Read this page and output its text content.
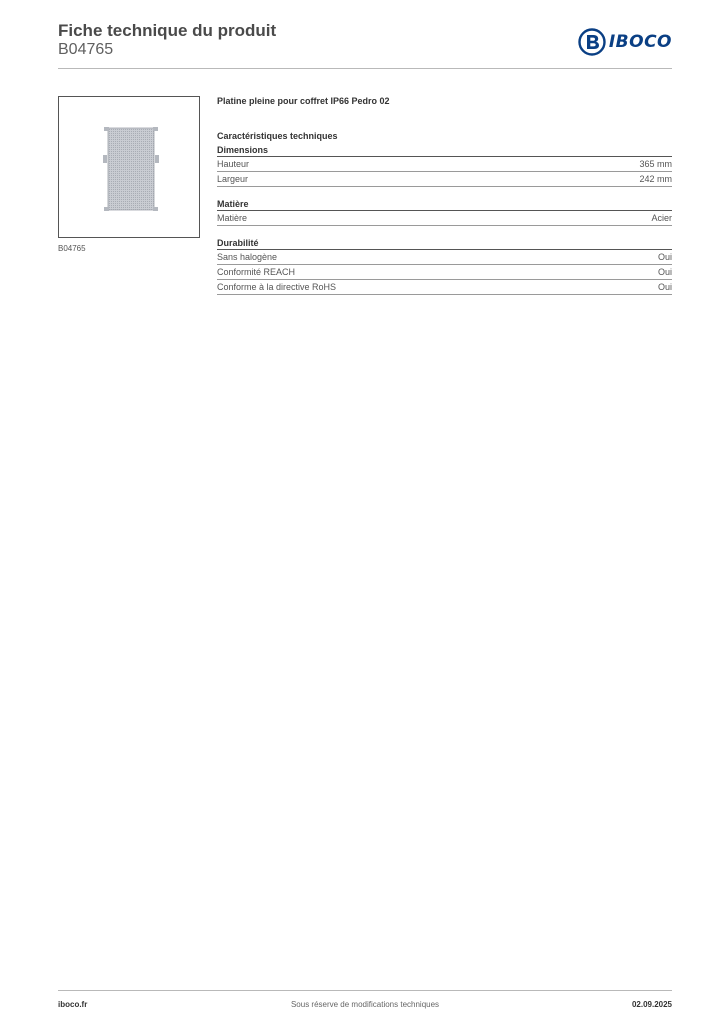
Fiche technique du produit
B04765	IBOCO
B04765
Platine pleine pour coffret IP66 Pedro 02
Caractéristiques techniques
Dimensions
Hauteur	365 mm
Largeur	242 mm
Matière
Matière	Acier
Durabilité
Sans halogène	Oui
Conformité REACH	Oui
Conforme à la directive RoHS	Oui
iboco.fr	Sous réserve de modifications techniques	02.09.2025
